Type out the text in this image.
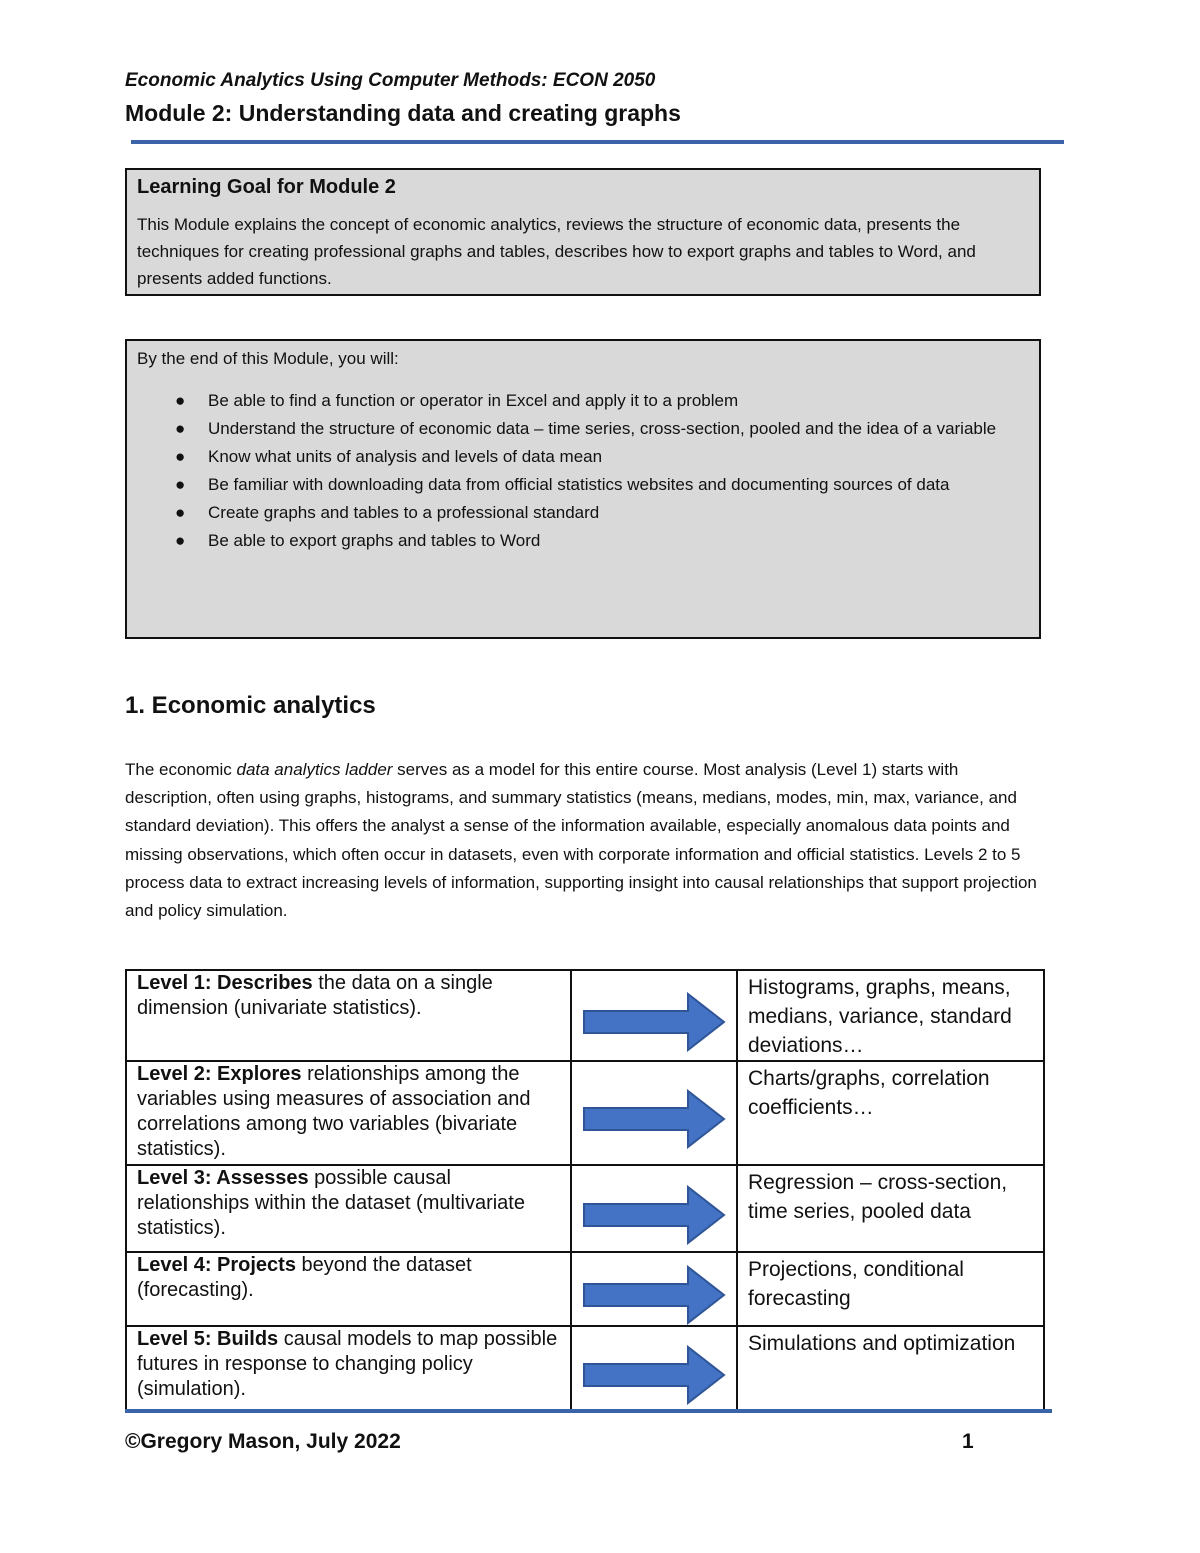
Economic Analytics Using Computer Methods: ECON 2050
Module 2: Understanding data and creating graphs
Learning Goal for Module 2
This Module explains the concept of economic analytics, reviews the structure of economic data, presents the techniques for creating professional graphs and tables, describes how to export graphs and tables to Word, and presents added functions.
By the end of this Module, you will:
● Be able to find a function or operator in Excel and apply it to a problem
● Understand the structure of economic data – time series, cross-section, pooled and the idea of a variable
● Know what units of analysis and levels of data mean
● Be familiar with downloading data from official statistics websites and documenting sources of data
● Create graphs and tables to a professional standard
● Be able to export graphs and tables to Word
1. Economic analytics
The economic data analytics ladder serves as a model for this entire course. Most analysis (Level 1) starts with description, often using graphs, histograms, and summary statistics (means, medians, modes, min, max, variance, and standard deviation). This offers the analyst a sense of the information available, especially anomalous data points and missing observations, which often occur in datasets, even with corporate information and official statistics. Levels 2 to 5 process data to extract increasing levels of information, supporting insight into causal relationships that support projection and policy simulation.
Level 1: Describes the data on a single dimension (univariate statistics).		Histograms, graphs, means, medians, variance, standard deviations…
Level 2: Explores relationships among the variables using measures of association and correlations among two variables (bivariate statistics).		Charts/graphs, correlation coefficients…
Level 3: Assesses possible causal relationships within the dataset (multivariate statistics).		Regression – cross-section, time series, pooled data
Level 4: Projects beyond the dataset (forecasting).		Projections, conditional forecasting
Level 5: Builds causal models to map possible futures in response to changing policy (simulation).		Simulations and optimization
©Gregory Mason, July 2022	1
